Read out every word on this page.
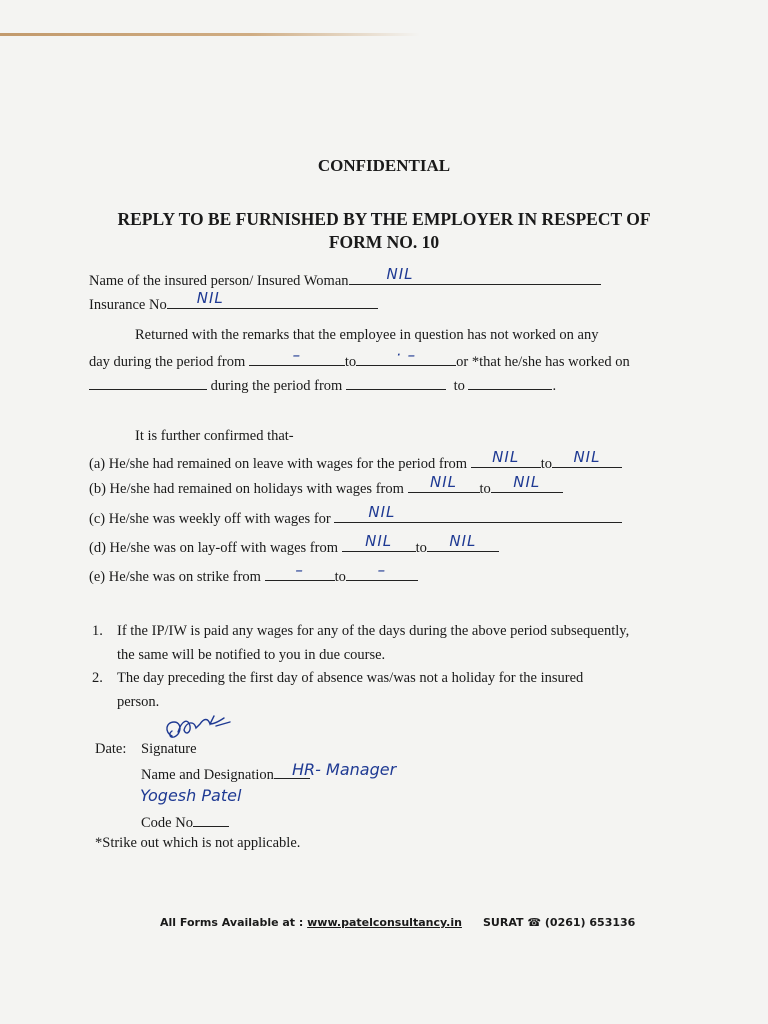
CONFIDENTIAL
REPLY TO BE FURNISHED BY THE EMPLOYER IN RESPECT OF
FORM NO. 10
Name of the insured person/ Insured Woman	NIL
Insurance No NIL
Returned with the remarks that the employee in question has not worked on any
day during the period from	–	to	· –	or *that he/she has worked on
during the period from	to	.
It is further confirmed that-
(a) He/she had remained on leave with wages for the period from	NIL	to	NIL
(b) He/she had remained on holidays with wages from	NIL	to	NIL
(c) He/she was weekly off with wages for	NIL
(d) He/she was on lay-off with wages from	NIL	to	NIL
(e) He/she was on strike from	–	to	–
1. If the IP/IW is paid any wages for any of the days during the above period subsequently,
the same will be notified to you in due course.
2. The day preceding the first day of absence was/was not a holiday for the insured
person.
Date: Signature
Name and Designation	HR- Manager
Yogesh Patel
Code No
*Strike out which is not applicable.
All Forms Available at : www.patelconsultancy.in SURAT ☎ (0261) 653136
